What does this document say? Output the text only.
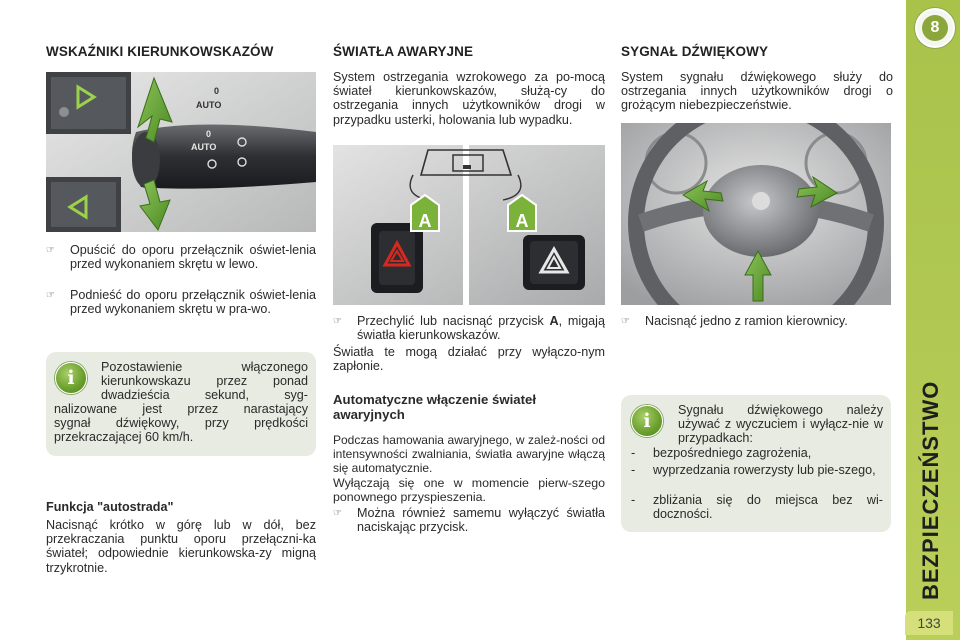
8
BEZPIECZEŃSTWO
133
WSKAŹNIKI KIERUNKOWSKAZÓW
AUTO
0
AUTO
0
☞	Opuścić do oporu przełącznik oświet-lenia przed wykonaniem skrętu w lewo.
☞	Podnieść do oporu przełącznik oświet-lenia przed wykonaniem skrętu w pra-wo.
i	Pozostawienie włączonego
kierunkowskazu przez ponad
dwadzieścia sekund, syg-
nalizowane jest przez narastający
sygnał dźwiękowy, przy prędkości
przekraczającej 60 km/h.
Funkcja "autostrada"

Nacisnąć krótko w górę lub w dół, bez przekraczania punktu oporu przełączni-ka świateł; odpowiednie kierunkowska-zy migną trzykrotnie.

ŚWIATŁA AWARYJNE

System ostrzegania wzrokowego za po-mocą świateł kierunkowskazów, służą-cy do ostrzegania innych użytkowników drogi w przypadku usterki, holowania lub wypadku.

A	A
☞	Przechylić lub nacisnąć przycisk A, migają światła kierunkowskazów.

Światła te mogą działać przy wyłączo-nym zapłonie.

Automatyczne włączenie świateł
awaryjnych

Podczas hamowania awaryjnego, w zależ-ności od intensywności zwalniania, światła awaryjne włączą się automatycznie.

Wyłączają się one w momencie pierw-szego ponownego przyspieszenia.

☞	Można również samemu wyłączyć światła naciskając przycisk.
SYGNAŁ DŹWIĘKOWY

System sygnału dźwiękowego służy do ostrzegania innych użytkowników drogi o grożącym niebezpieczeństwie.

☞	Nacisnąć jedno z ramion kierownicy.
i	Sygnału dźwiękowego należy używać z wyczuciem i wyłącz-nie w przypadkach:
-	bezpośredniego zagrożenia,
-	wyprzedzania rowerzysty lub pie-szego,
-	zbliżania się do miejsca bez wi-doczności.
